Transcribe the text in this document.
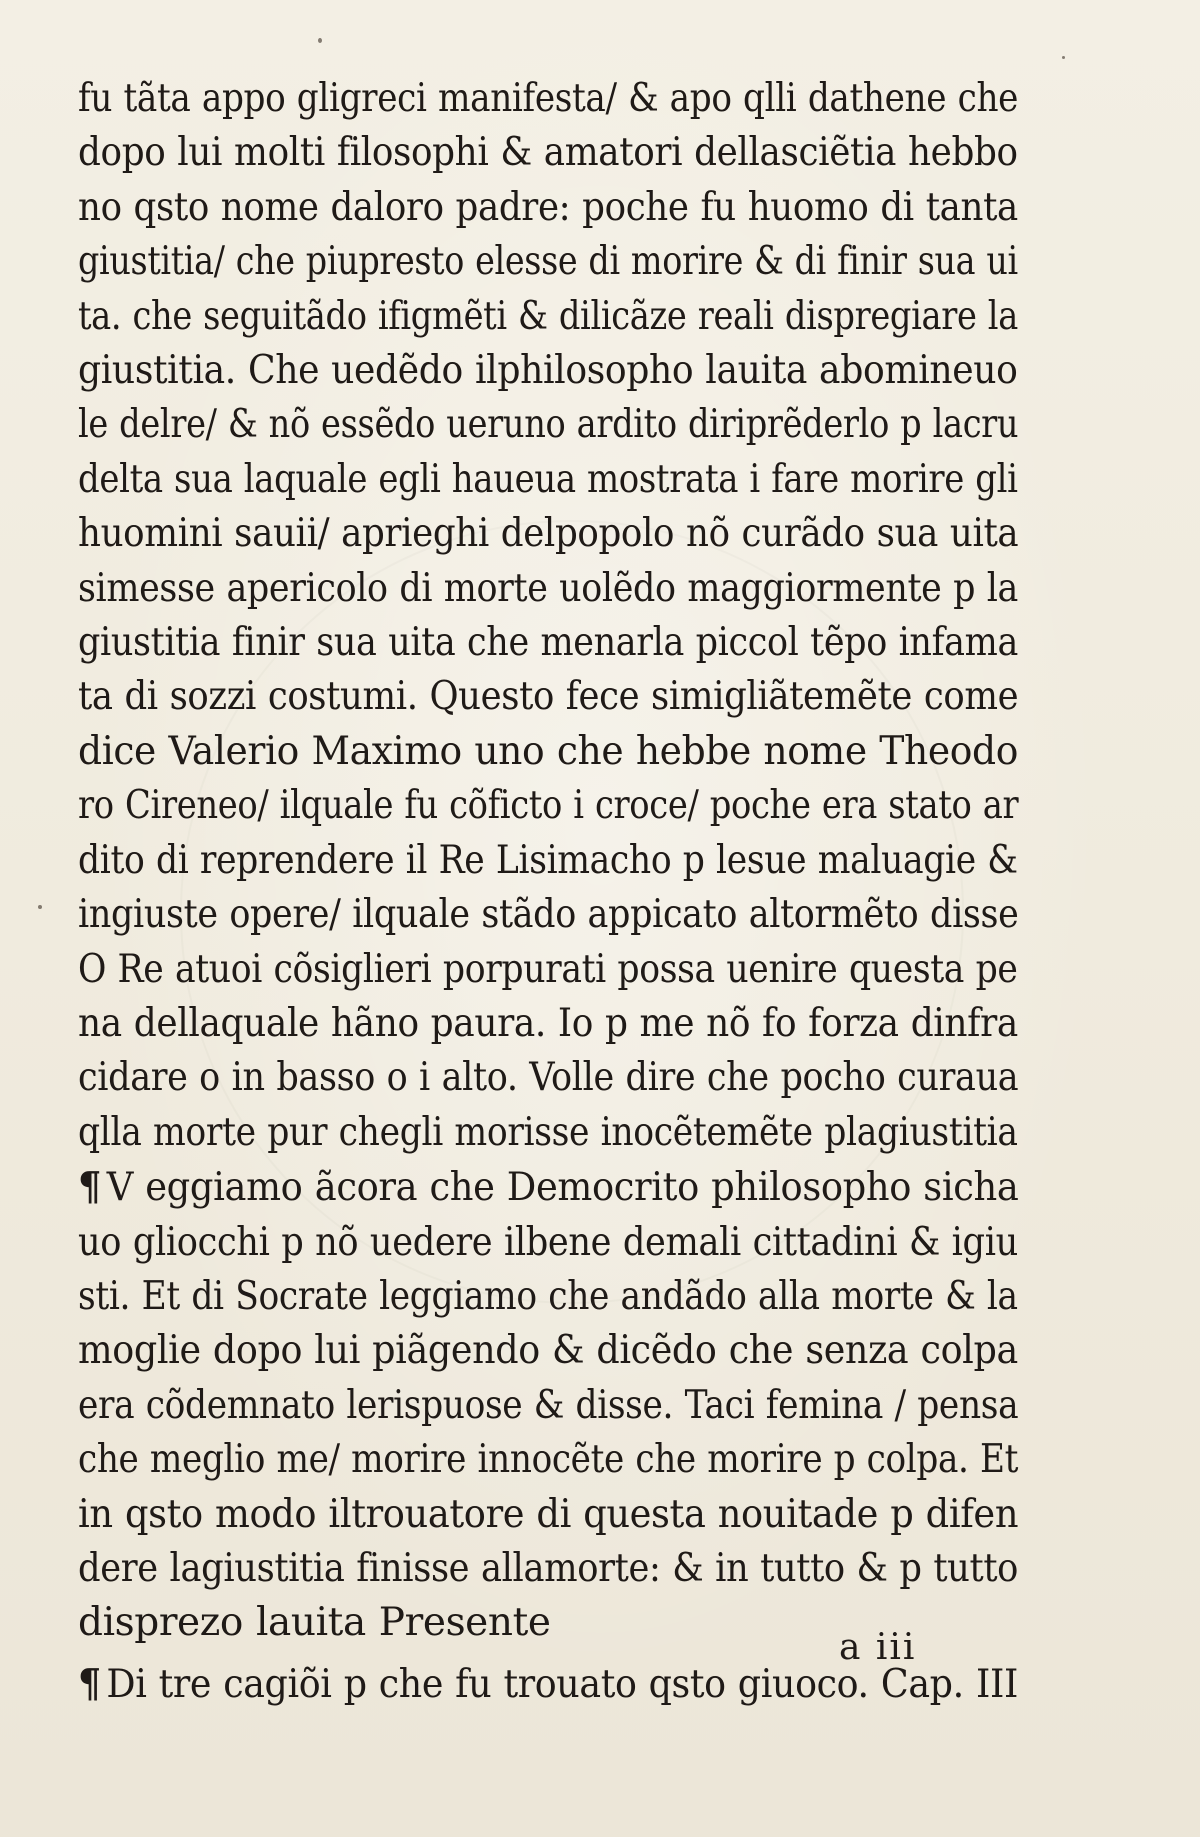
fu tãta appo gligreci manifesta/ & apo qlli dathene che
dopo lui molti filosophi & amatori dellasciẽtia hebbo
no qsto nome daloro padre: poche fu huomo di tanta
giustitia/ che piupresto elesse di morire & di finir sua ui
ta. che seguitãdo ifigmẽti & dilicãze reali dispregiare la
giustitia. Che uedẽdo ilphilosopho lauita abomineuo
le delre/ & nõ essẽdo ueruno ardito diriprẽderlo p lacru
delta sua laquale egli haueua mostrata i fare morire gli
huomini sauii/ aprieghi delpopolo nõ curãdo sua uita
simesse apericolo di morte uolẽdo maggiormente p la
giustitia finir sua uita che menarla piccol tẽpo infama
ta di sozzi costumi. Questo fece simigliãtemẽte come
dice Valerio Maximo uno che hebbe nome Theodo
ro Cireneo/ ilquale fu cõficto i croce/ poche era stato ar
dito di reprendere il Re Lisimacho p lesue maluagie &
ingiuste opere/ ilquale stãdo appicato altormẽto disse
O Re atuoi cõsiglieri porpurati possa uenire questa pe
na dellaquale hãno paura. Io p me nõ fo forza dinfra
cidare o in basso o i alto. Volle dire che pocho curaua
qlla morte pur chegli morisse inocẽtemẽte plagiustitia
¶ V eggiamo ãcora che Democrito philosopho sicha
uo gliocchi p nõ uedere ilbene demali cittadini & igiu
sti. Et di Socrate leggiamo che andãdo alla morte & la
moglie dopo lui piãgendo & dicẽdo che senza colpa
era cõdemnato lerispuose & disse. Taci femina / pensa
che meglio me/ morire innocẽte che morire p colpa. Et
in qsto modo iltrouatore di questa nouitade p difen
dere lagiustitia finisse allamorte: & in tutto & p tutto
disprezo lauita Presente
¶ Di tre cagiõi p che fu trouato qsto giuoco. Cap. III
a iii
